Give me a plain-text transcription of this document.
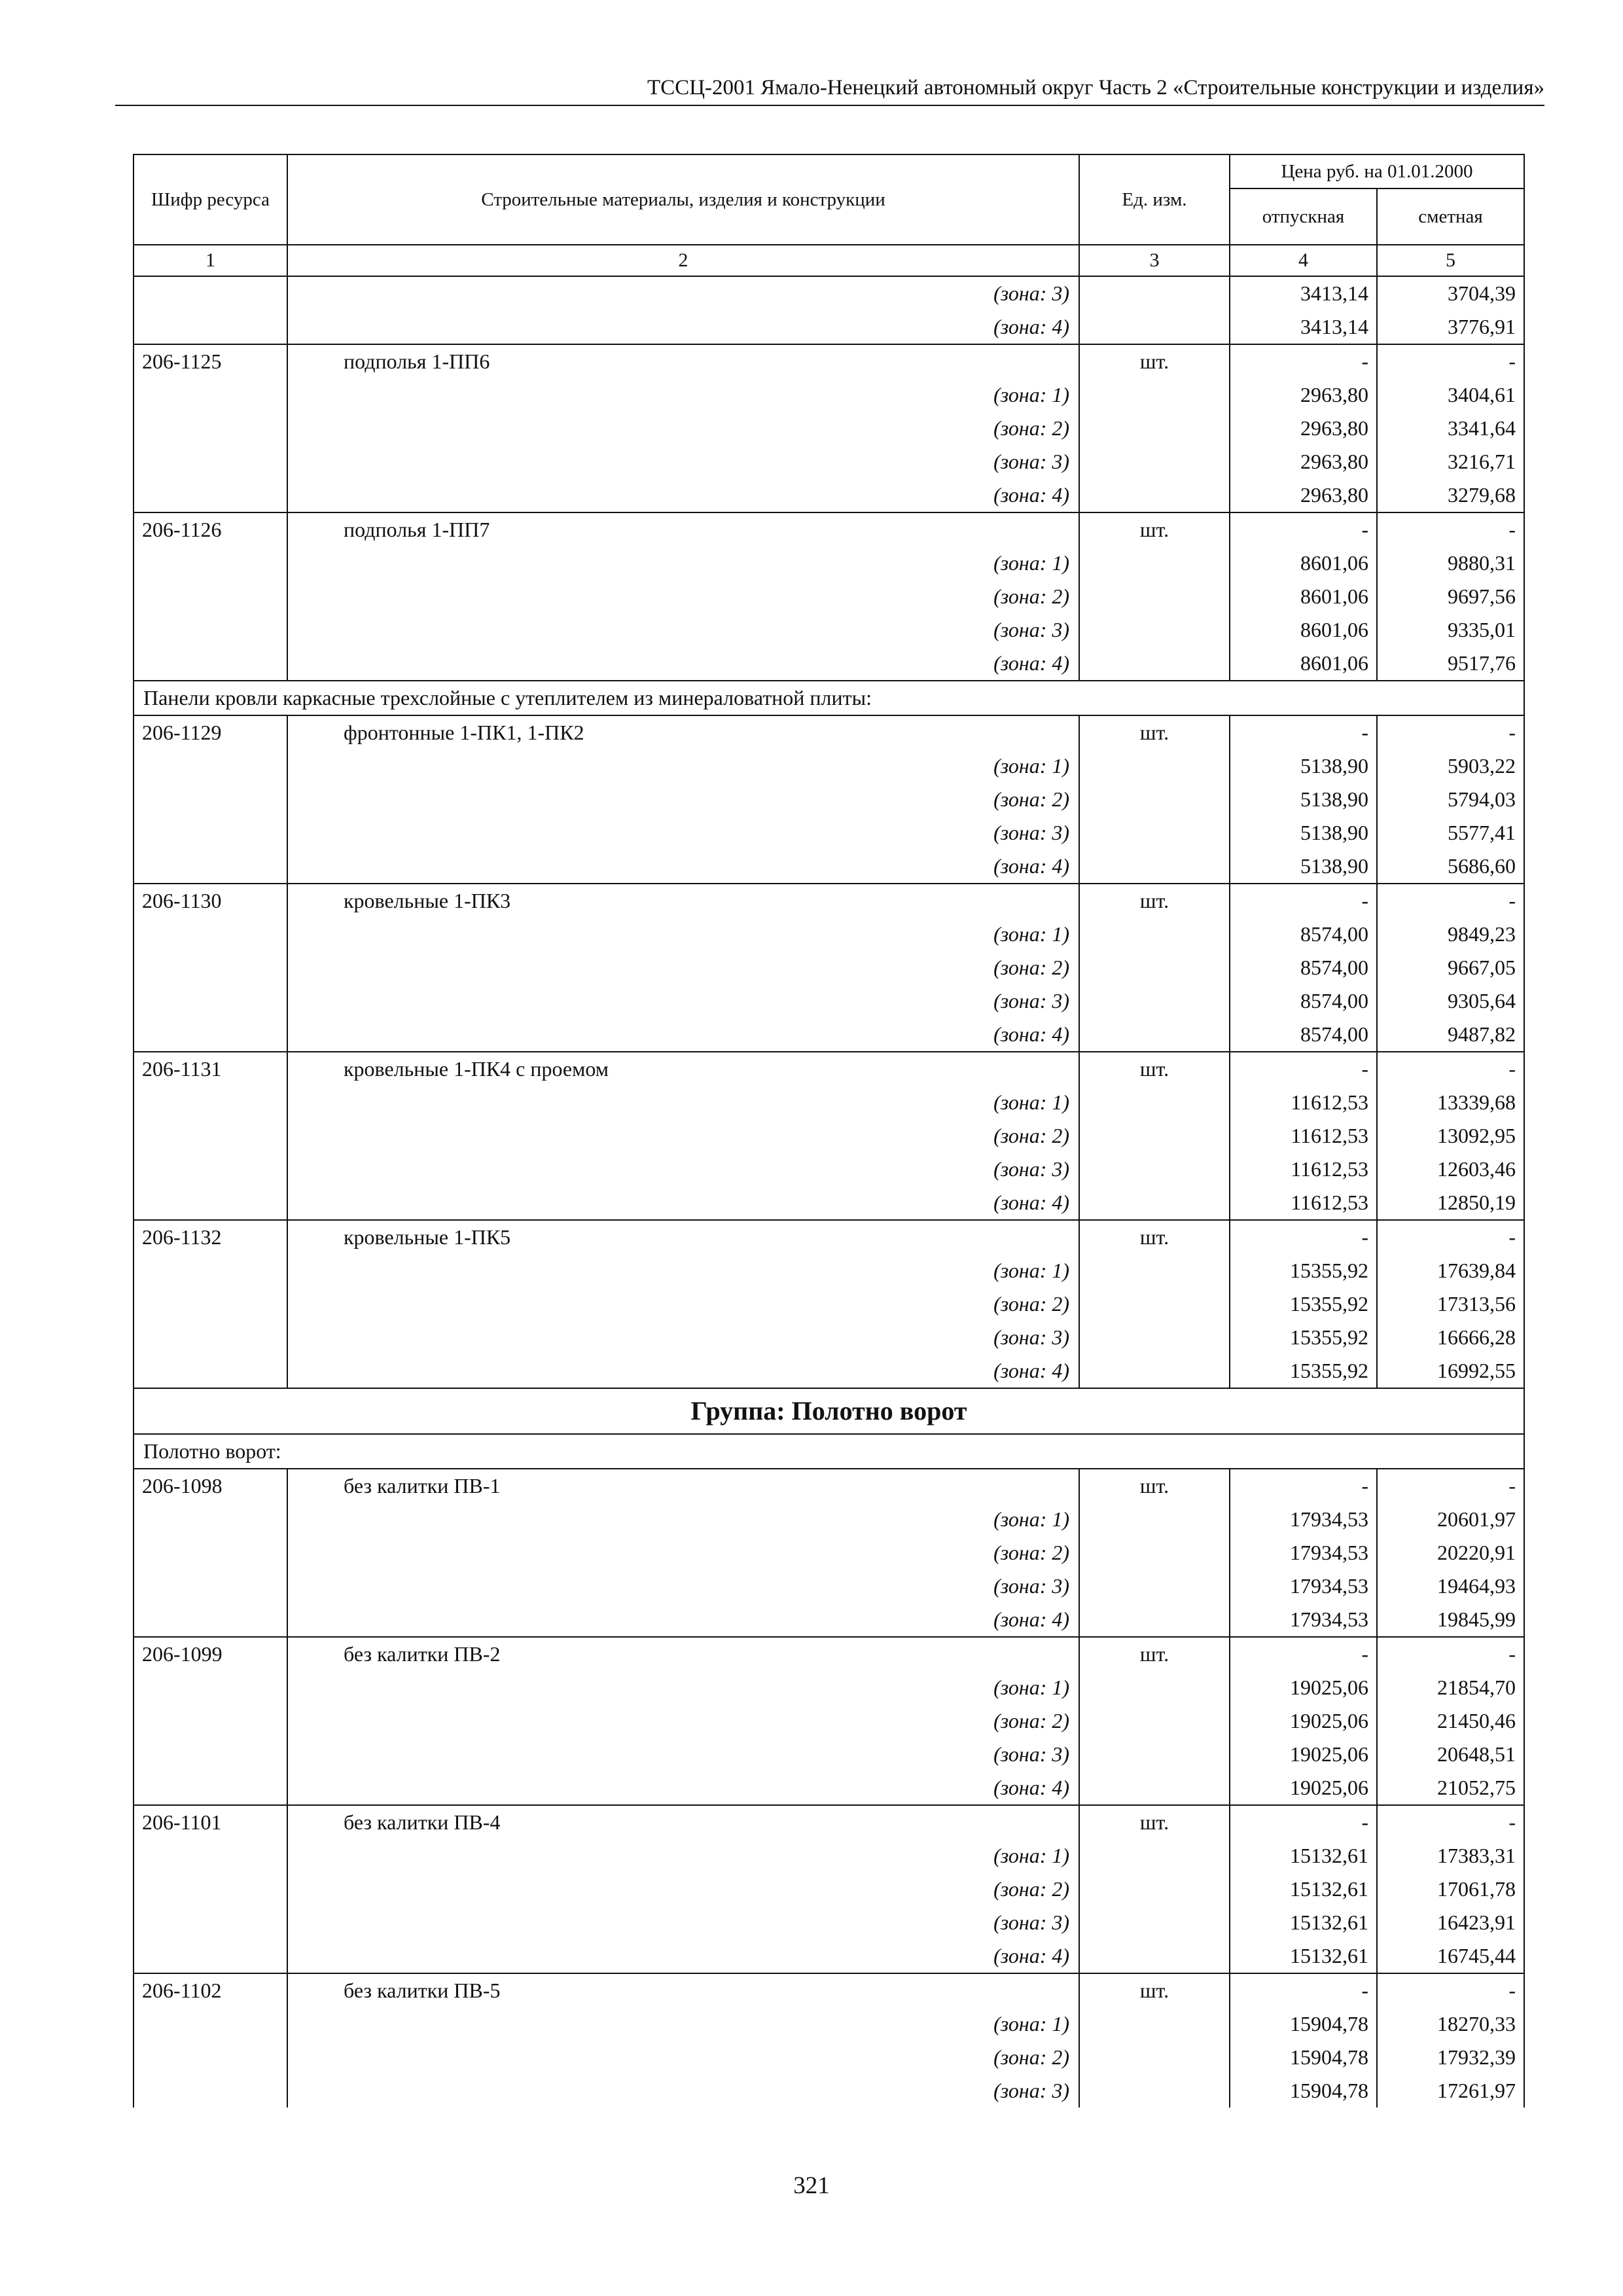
ТССЦ-2001 Ямало-Ненецкий автономный округ Часть 2 «Строительные конструкции и изделия»
Шифр ресурса	Строительные материалы, изделия и конструкции	Ед. изм.	Цена руб. на 01.01.2000	
			отпускная	сметная
1	2	3	4	5
	(зона: 3)		3413,14	3704,39
	(зона: 4)		3413,14	3776,91
206-1125	подполья 1-ПП6	шт.	-	-
	(зона: 1)		2963,80	3404,61
	(зона: 2)		2963,80	3341,64
	(зона: 3)		2963,80	3216,71
	(зона: 4)		2963,80	3279,68
206-1126	подполья 1-ПП7	шт.	-	-
	(зона: 1)		8601,06	9880,31
	(зона: 2)		8601,06	9697,56
	(зона: 3)		8601,06	9335,01
	(зона: 4)		8601,06	9517,76
Панели кровли каркасные трехслойные с утеплителем из минераловатной плиты:				
206-1129	фронтонные 1-ПК1, 1-ПК2	шт.	-	-
	(зона: 1)		5138,90	5903,22
	(зона: 2)		5138,90	5794,03
	(зона: 3)		5138,90	5577,41
	(зона: 4)		5138,90	5686,60
206-1130	кровельные 1-ПК3	шт.	-	-
	(зона: 1)		8574,00	9849,23
	(зона: 2)		8574,00	9667,05
	(зона: 3)		8574,00	9305,64
	(зона: 4)		8574,00	9487,82
206-1131	кровельные 1-ПК4 с проемом	шт.	-	-
	(зона: 1)		11612,53	13339,68
	(зона: 2)		11612,53	13092,95
	(зона: 3)		11612,53	12603,46
	(зона: 4)		11612,53	12850,19
206-1132	кровельные 1-ПК5	шт.	-	-
	(зона: 1)		15355,92	17639,84
	(зона: 2)		15355,92	17313,56
	(зона: 3)		15355,92	16666,28
	(зона: 4)		15355,92	16992,55
Группа: Полотно ворот				
Полотно ворот:				
206-1098	без калитки ПВ-1	шт.	-	-
	(зона: 1)		17934,53	20601,97
	(зона: 2)		17934,53	20220,91
	(зона: 3)		17934,53	19464,93
	(зона: 4)		17934,53	19845,99
206-1099	без калитки ПВ-2	шт.	-	-
	(зона: 1)		19025,06	21854,70
	(зона: 2)		19025,06	21450,46
	(зона: 3)		19025,06	20648,51
	(зона: 4)		19025,06	21052,75
206-1101	без калитки ПВ-4	шт.	-	-
	(зона: 1)		15132,61	17383,31
	(зона: 2)		15132,61	17061,78
	(зона: 3)		15132,61	16423,91
	(зона: 4)		15132,61	16745,44
206-1102	без калитки ПВ-5	шт.	-	-
	(зона: 1)		15904,78	18270,33
	(зона: 2)		15904,78	17932,39
	(зона: 3)		15904,78	17261,97
321
